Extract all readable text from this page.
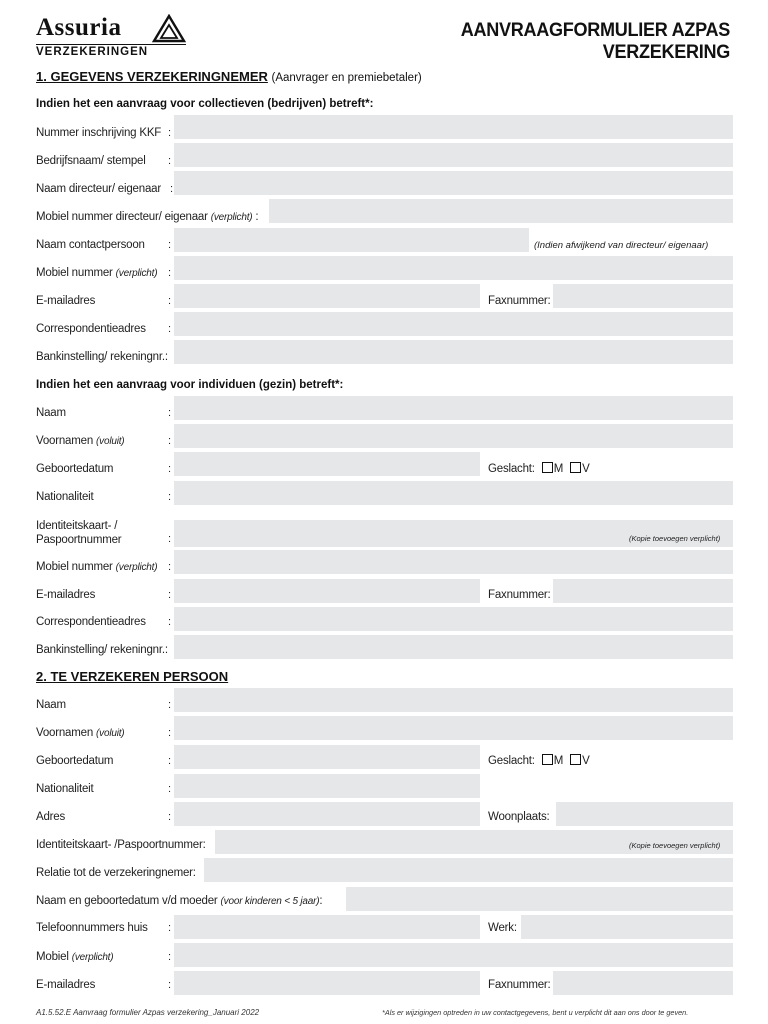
Assuria
VERZEKERINGEN
AANVRAAGFORMULIER AZPAS VERZEKERING
1. GEGEVENS VERZEKERINGNEMER (Aanvrager en premiebetaler)
Indien het een aanvraag voor collectieven (bedrijven) betreft*:
Nummer inschrijving KKF :
Bedrijfsnaam/ stempel :
Naam directeur/ eigenaar :
Mobiel nummer directeur/ eigenaar (verplicht) :
Naam contactpersoon :	(Indien afwijkend van directeur/ eigenaar)
Mobiel nummer (verplicht) :
E-mailadres	:	Faxnummer:
Correspondentieadres :
Bankinstelling/ rekeningnr.:
Indien het een aanvraag voor individuen (gezin) betreft*:
Naam	:
Voornamen (voluit)	:
Geboortedatum	:	Geslacht: M V
Nationaliteit	:
Identiteitskaart- /
Paspoortnummer	:	(Kopie toevoegen verplicht)
Mobiel nummer (verplicht) :
E-mailadres	:	Faxnummer:
Correspondentieadres :
Bankinstelling/ rekeningnr.:
2. TE VERZEKEREN PERSOON
Naam	:
Voornamen (voluit)	:
Geboortedatum	:	Geslacht: M V
Nationaliteit	:
Adres	:	Woonplaats:
Identiteitskaart- /Paspoortnummer:	(Kopie toevoegen verplicht)
Relatie tot de verzekeringnemer:
Naam en geboortedatum v/d moeder (voor kinderen < 5 jaar):
Telefoonnummers huis :	Werk:
Mobiel (verplicht)	:
E-mailadres	:	Faxnummer:
A1.5.52.E Aanvraag formulier Azpas verzekering_Januari 2022	*Als er wijzigingen optreden in uw contactgegevens, bent u verplicht dit aan ons door te geven.
